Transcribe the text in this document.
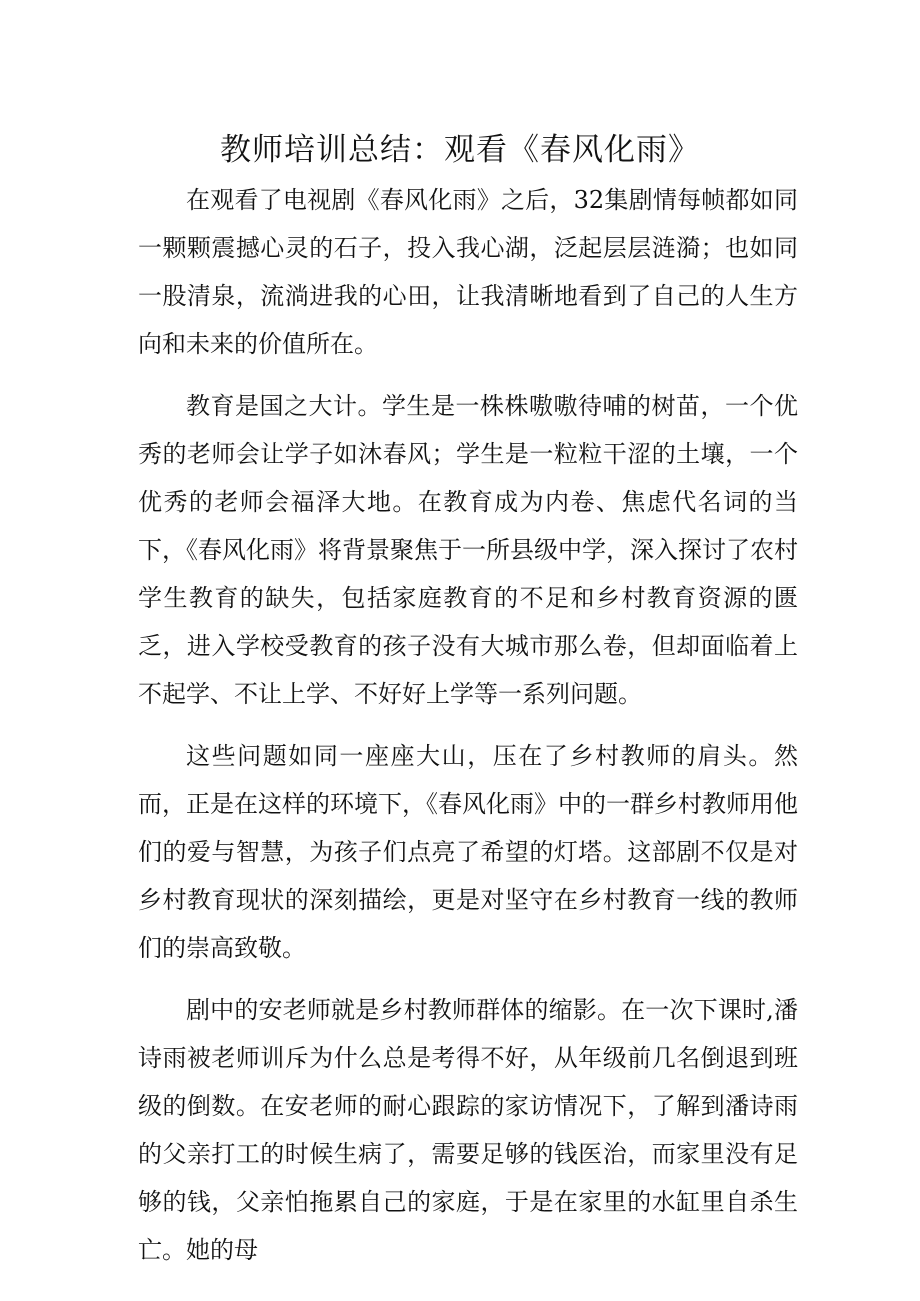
教师培训总结：观看《春风化雨》

在观看了电视剧《春风化雨》之后，32集剧情每帧都如同一颗颗震撼心灵的石子，投入我心湖，泛起层层涟漪；也如同一股清泉，流淌进我的心田，让我清晰地看到了自己的人生方向和未来的价值所在。

教育是国之大计。学生是一株株嗷嗷待哺的树苗，一个优秀的老师会让学子如沐春风；学生是一粒粒干涩的土壤，一个优秀的老师会福泽大地。在教育成为内卷、焦虑代名词的当下，《春风化雨》将背景聚焦于一所县级中学，深入探讨了农村学生教育的缺失，包括家庭教育的不足和乡村教育资源的匮乏，进入学校受教育的孩子没有大城市那么卷，但却面临着上不起学、不让上学、不好好上学等一系列问题。

这些问题如同一座座大山，压在了乡村教师的肩头。然而，正是在这样的环境下，《春风化雨》中的一群乡村教师用他们的爱与智慧，为孩子们点亮了希望的灯塔。这部剧不仅是对乡村教育现状的深刻描绘，更是对坚守在乡村教育一线的教师们的崇高致敬。

剧中的安老师就是乡村教师群体的缩影。在一次下课时,潘诗雨被老师训斥为什么总是考得不好，从年级前几名倒退到班级的倒数。在安老师的耐心跟踪的家访情况下，了解到潘诗雨的父亲打工的时候生病了，需要足够的钱医治，而家里没有足够的钱，父亲怕拖累自己的家庭，于是在家里的水缸里自杀生亡。她的母
